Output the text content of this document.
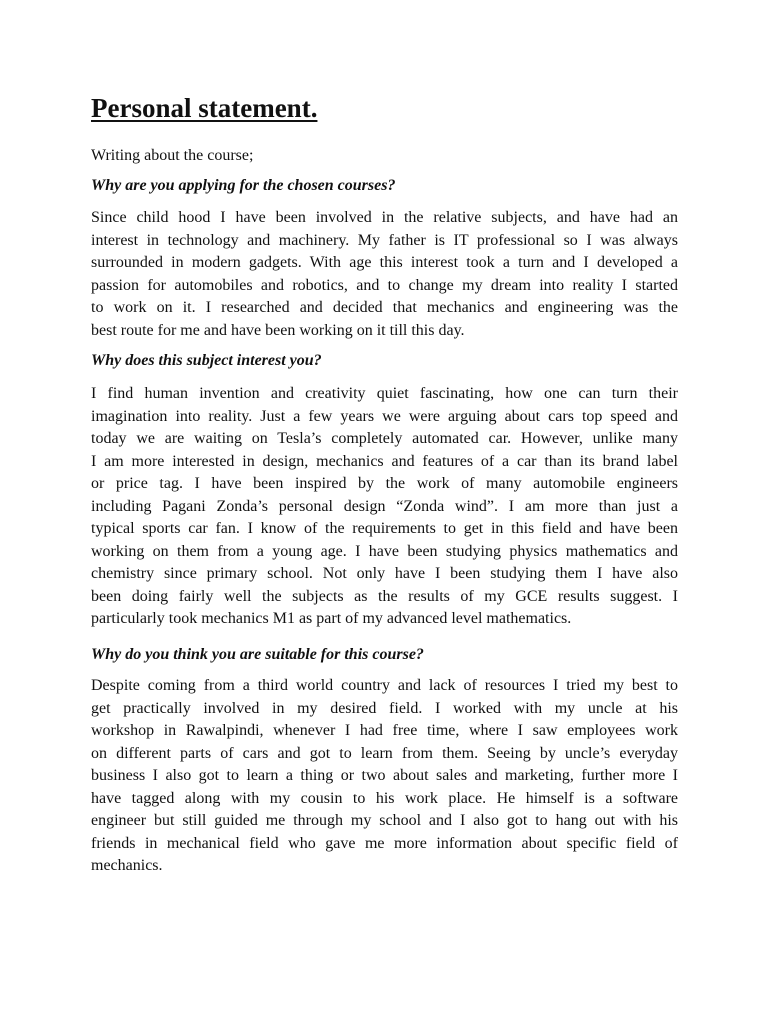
Personal statement.

Writing about the course;

Why are you applying for the chosen courses?

Since child hood I have been involved in the relative subjects, and have had an
interest in technology and machinery. My father is IT professional so I was always
surrounded in modern gadgets. With age this interest took a turn and I developed a
passion for automobiles and robotics, and to change my dream into reality I started
to work on it. I researched and decided that mechanics and engineering was the
best route for me and have been working on it till this day.

Why does this subject interest you?

I find human invention and creativity quiet fascinating, how one can turn their
imagination into reality. Just a few years we were arguing about cars top speed and
today we are waiting on Tesla’s completely automated car. However, unlike many
I am more interested in design, mechanics and features of a car than its brand label
or price tag. I have been inspired by the work of many automobile engineers
including Pagani Zonda’s personal design “Zonda wind”. I am more than just a
typical sports car fan. I know of the requirements to get in this field and have been
working on them from a young age. I have been studying physics mathematics and
chemistry since primary school. Not only have I been studying them I have also
been doing fairly well the subjects as the results of my GCE results suggest. I
particularly took mechanics M1 as part of my advanced level mathematics.

Why do you think you are suitable for this course?

Despite coming from a third world country and lack of resources I tried my best to
get practically involved in my desired field. I worked with my uncle at his
workshop in Rawalpindi, whenever I had free time, where I saw employees work
on different parts of cars and got to learn from them. Seeing by uncle’s everyday
business I also got to learn a thing or two about sales and marketing, further more I
have tagged along with my cousin to his work place. He himself is a software
engineer but still guided me through my school and I also got to hang out with his
friends in mechanical field who gave me more information about specific field of
mechanics.
